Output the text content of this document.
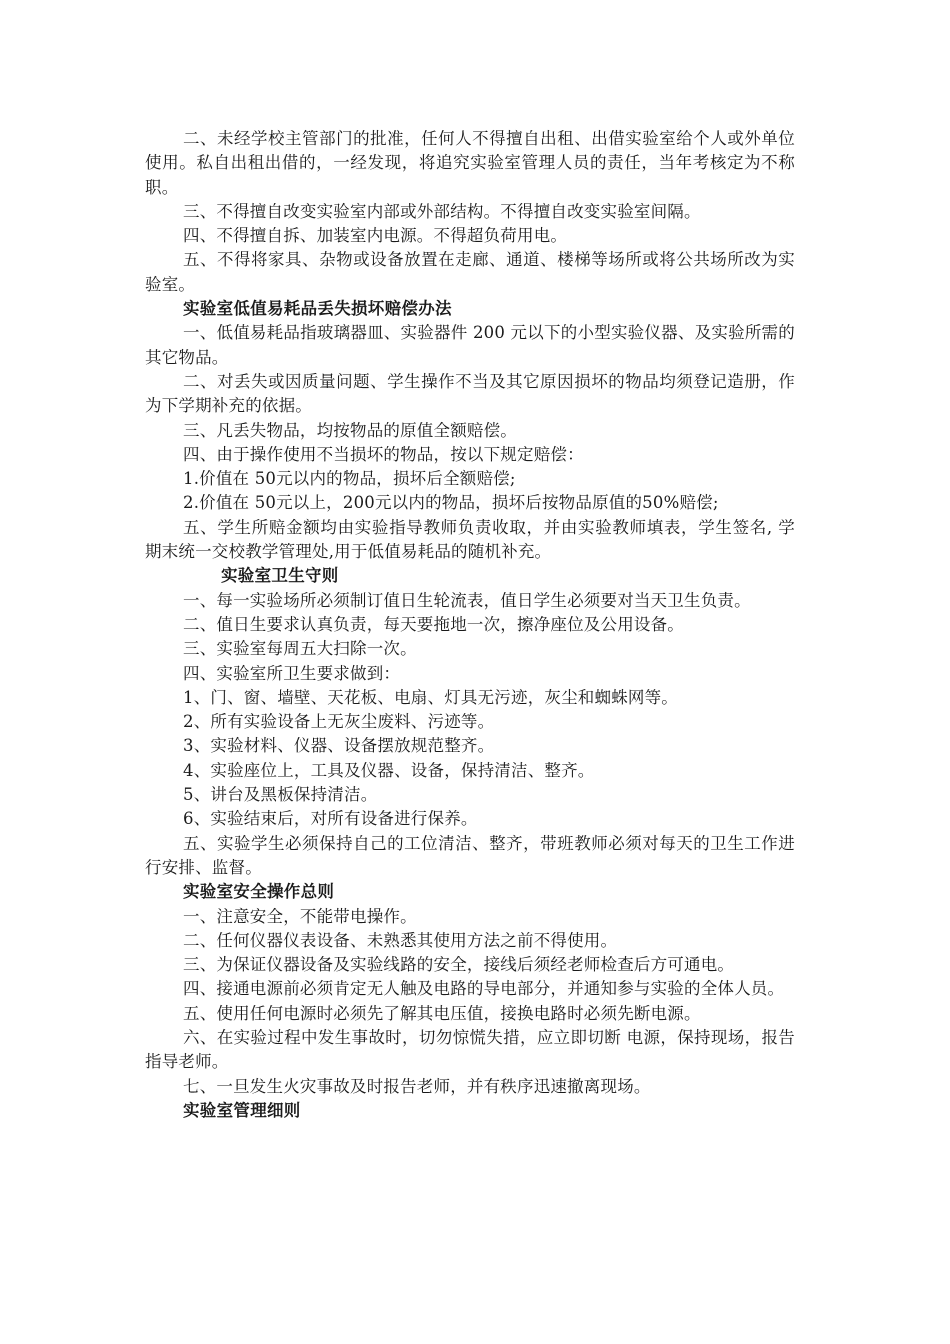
二、未经学校主管部门的批准，任何人不得擅自出租、出借实验室给个人或外单位使用。私自出租出借的，一经发现，将追究实验室管理人员的责任，当年考核定为不称职。

三、不得擅自改变实验室内部或外部结构。不得擅自改变实验室间隔。

四、不得擅自拆、加装室内电源。不得超负荷用电。

五、不得将家具、杂物或设备放置在走廊、通道、楼梯等场所或将公共场所改为实验室。

实验室低值易耗品丢失损坏赔偿办法

一、低值易耗品指玻璃器皿、实验器件 200 元以下的小型实验仪器、及实验所需的其它物品。

二、对丢失或因质量问题、学生操作不当及其它原因损坏的物品均须登记造册，作为下学期补充的依据。

三、凡丢失物品，均按物品的原值全额赔偿。

四、由于操作使用不当损坏的物品，按以下规定赔偿：

1.价值在 50元以内的物品，损坏后全额赔偿;

2.价值在 50元以上，200元以内的物品，损坏后按物品原值的50%赔偿;

五、学生所赔金额均由实验指导教师负责收取，并由实验教师填表，学生签名, 学期末统一交校教学管理处,用于低值易耗品的随机补充。

实验室卫生守则

一、每一实验场所必须制订值日生轮流表，值日学生必须要对当天卫生负责。

二、值日生要求认真负责，每天要拖地一次，擦净座位及公用设备。

三、实验室每周五大扫除一次。

四、实验室所卫生要求做到：

1、门、窗、墙壁、天花板、电扇、灯具无污迹，灰尘和蜘蛛网等。

2、所有实验设备上无灰尘废料、污迹等。

3、实验材料、仪器、设备摆放规范整齐。

4、实验座位上，工具及仪器、设备，保持清洁、整齐。

5、讲台及黑板保持清洁。

6、实验结束后，对所有设备进行保养。

五、实验学生必须保持自己的工位清洁、整齐，带班教师必须对每天的卫生工作进行安排、监督。

实验室安全操作总则

一、注意安全，不能带电操作。

二、任何仪器仪表设备、未熟悉其使用方法之前不得使用。

三、为保证仪器设备及实验线路的安全，接线后须经老师检查后方可通电。

四、接通电源前必须肯定无人触及电路的导电部分，并通知参与实验的全体人员。

五、使用任何电源时必须先了解其电压值，接换电路时必须先断电源。

六、在实验过程中发生事故时，切勿惊慌失措，应立即切断 电源，保持现场，报告指导老师。

七、一旦发生火灾事故及时报告老师，并有秩序迅速撤离现场。

实验室管理细则
